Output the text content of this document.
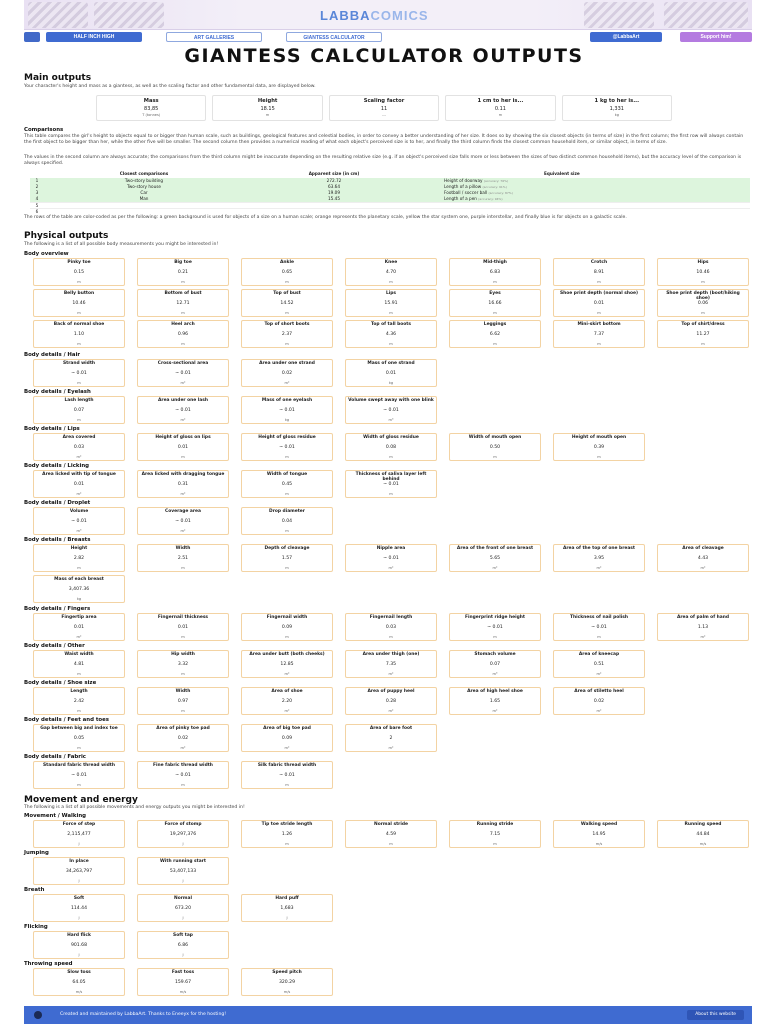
LABBACOMICS
HALF INCH HIGH	ART GALLERIES	GIANTESS CALCULATOR	@LabbaArt	Support him!
GIANTESS CALCULATOR OUTPUTS
Main outputs
Your character's height and mass as a giantess, as well as the scaling factor and other fundamental data, are displayed below.
Mass
83,85
T (tonnes)
Height
18.15
m
Scaling factor
11
---
1 cm to her is...
0.11
m
1 kg to her is...
1,331
kg
Comparisons
This table compares the girl's height to objects equal to or bigger than human scale, such as buildings, geological features and celestial bodies, in order to convey a better understanding of her size. It does so by showing the six closest objects (in terms of size) in the first column; the first row will always contain the first object to be bigger than her, while the other five will be smaller. The second column then provides a numerical reading of what each object's perceived size is to her, and finally the third column finds the closest common household item, or similar object, in terms of size.
The values in the second column are always accurate; the comparisons from the third column might be inaccurate depending on the resulting relative size (e.g. if an object's perceived size falls more or less between the sizes of two distinct common household items), but the accuracy level of the comparison is always specified.
Closest comparisons	Apparent size (in cm)	Equivalent size
1	Two-story building	272.72	Height of doorway (accuracy: 76%)
2	Two-story house	63.64	Length of a pillow (accuracy: 91%)
3	Car	19.09	Football / soccer ball (accuracy: 87%)
4	Man	15.45	Length of a pen (accuracy: 94%)
5
6
The rows of the table are color-coded as per the following: a green background is used for objects of a size on a human scale; orange represents the planetary scale, yellow the star system one, purple interstellar, and finally blue is for objects on a galactic scale.
Physical outputs
The following is a list of all possible body measurements you might be interested in!
Movement and energy
The following is a list of all possible movements and energy outputs you might be interested in!
Body overview
Pinky toe
0.15
m
Big toe
0.21
m
Ankle
0.65
m
Knee
4.70
m
Mid-thigh
6.83
m
Crotch
8.91
m
Hips
10.46
m
Belly button
10.46
m
Bottom of bust
12.71
m
Top of bust
14.52
m
Lips
15.91
m
Eyes
16.66
m
Shoe print depth (normal shoe)
0.01
m
Shoe print depth (boot/hiking shoe)
0.06
m
Back of normal shoe
1.10
m
Heel arch
0.96
m
Top of short boots
2.37
m
Top of tall boots
4.36
m
Leggings
6.62
m
Mini-skirt bottom
7.37
m
Top of shirt/dress
11.27
m
Body details / Hair
Strand width
~ 0.01
m
Cross-sectional area
~ 0.01
m²
Area under one strand
0.02
m²
Mass of one strand
0.01
kg
Body details / Eyelash
Lash length
0.07
m
Area under one lash
~ 0.01
m²
Mass of one eyelash
~ 0.01
kg
Volume swept away with one blink
~ 0.01
m³
Body details / Lips
Area covered
0.03
m²
Height of gloss on lips
0.01
m
Height of gloss residue
~ 0.01
m
Width of gloss residue
0.08
m
Width of mouth open
0.50
m
Height of mouth open
0.39
m
Body details / Licking
Area licked with tip of tongue
0.01
m²
Area licked with dragging tongue
0.31
m²
Width of tongue
0.45
m
Thickness of saliva layer left behind
~ 0.01
m
Body details / Droplet
Volume
~ 0.01
m³
Coverage area
~ 0.01
m²
Drop diameter
0.04
m
Body details / Breasts
Height
2.82
m
Width
2.51
m
Depth of cleavage
1.57
m
Nipple area
~ 0.01
m²
Area of the front of one breast
5.65
m²
Area of the top of one breast
3.95
m²
Area of cleavage
4.43
m²
Mass of each breast
3,407.36
kg
Body details / Fingers
Fingertip area
0.01
m²
Fingernail thickness
0.01
m
Fingernail width
0.09
m
Fingernail length
0.03
m
Fingerprint ridge height
~ 0.01
m
Thickness of nail polish
~ 0.01
m
Area of palm of hand
1.13
m²
Body details / Other
Waist width
4.81
m
Hip width
3.32
m
Area under butt (both cheeks)
12.85
m²
Area under thigh (one)
7.35
m²
Stomach volume
0.07
m³
Area of kneecap
0.51
m²
Body details / Shoe size
Length
2.42
m
Width
0.97
m
Area of shoe
2.20
m²
Area of puppy heel
0.28
m²
Area of high heel shoe
1.65
m²
Area of stiletto heel
0.02
m²
Body details / Feet and toes
Gap between big and index toe
0.05
m
Area of pinky toe pad
0.02
m²
Area of big toe pad
0.09
m²
Area of bare foot
2
m²
Body details / Fabric
Standard fabric thread width
~ 0.01
m
Fine fabric thread width
~ 0.01
m
Silk fabric thread width
~ 0.01
m
Movement / Walking
Force of step
2,115,477
J
Force of stomp
19,297,376
J
Tip toe stride length
1.26
m
Normal stride
4.59
m
Running stride
7.15
m
Walking speed
14.95
m/s
Running speed
44.84
m/s
Jumping
In place
34,263,797
J
With running start
53,407,133
J
Breath
Soft
114.44
J
Normal
673.20
J
Hard puff
1,683
J
Flicking
Hard flick
901.68
J
Soft tap
6.86
J
Throwing speed
Slow toss
64.05
m/s
Fast toss
159.67
m/s
Speed pitch
320.29
m/s
Created and maintained by LabbaArt. Thanks to Eneeyx for the hosting!	About this website
